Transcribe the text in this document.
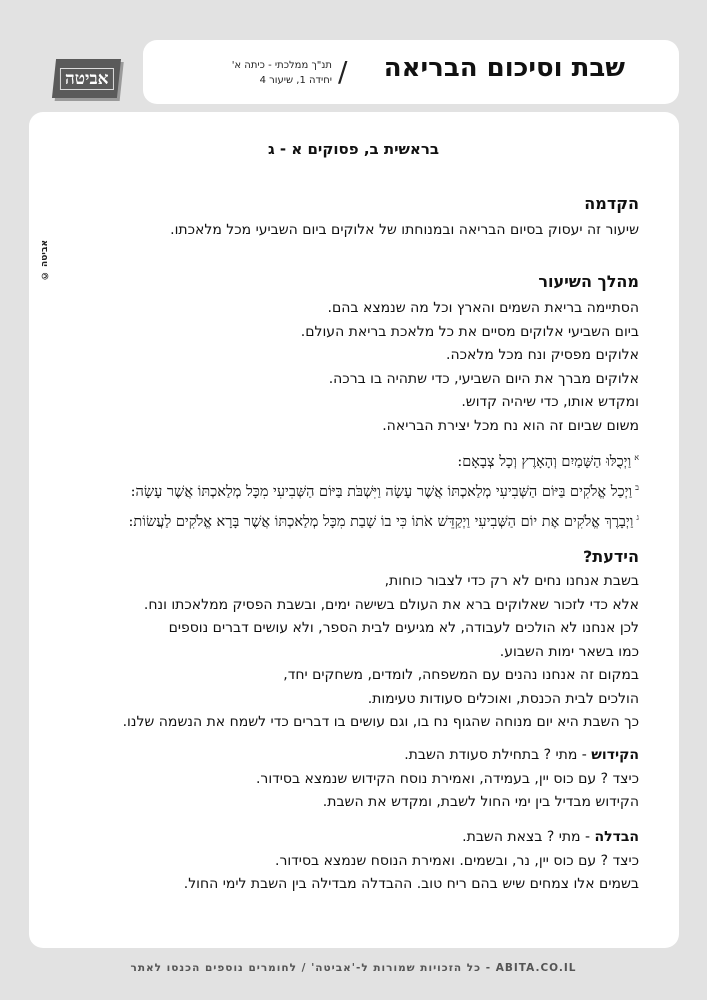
שבת וסיכום הבריאה
/
תנ"ך ממלכתי - כיתה א'
יחידה 1, שיעור 4
אביטה
אביטה ©
בראשית ב, פסוקים א - ג
הקדמה
שיעור זה יעסוק בסיום הבריאה ובמנוחתו של אלוקים ביום השביעי מכל מלאכתו.
מהלך השיעור
הסתיימה בריאת השמים והארץ וכל מה שנמצא בהם.
ביום השביעי אלוקים מסיים את כל מלאכת בריאת העולם.
אלוקים מפסיק ונח מכל מלאכה.
אלוקים מברך את היום השביעי, כדי שתהיה בו ברכה.
ומקדש אותו, כדי שיהיה קדוש.
משום שביום זה הוא נח מכל יצירת הבריאה.
$^א$וַיְכֻלּוּ הַשָּׁמַיִם וְהָאָרֶץ וְכָל צְבָאָם:
$^ב$וַיְכַל אֱלֹקִים בַּיּוֹם הַשְּׁבִיעִי מְלַאכְתּוֹ אֲשֶׁר עָשָׂה וַיִּשְׁבֹּת בַּיּוֹם הַשְּׁבִיעִי מִכָּל מְלַאכְתּוֹ אֲשֶׁר עָשָׂה:
$^ג$וַיְבָרֶךְ אֱלֹקִים אֶת יוֹם הַשְּׁבִיעִי וַיְקַדֵּשׁ אֹתוֹ כִּי בוֹ שָׁבַת מִכָּל מְלַאכְתּוֹ אֲשֶׁר בָּרָא אֱלֹקִים לַעֲשׂוֹת:
הידעת?
בשבת אנחנו נחים לא רק כדי לצבור כוחות,
אלא כדי לזכור שאלוקים ברא את העולם בשישה ימים, ובשבת הפסיק ממלאכתו ונח.
לכן אנחנו לא הולכים לעבודה, לא מגיעים לבית הספר, ולא עושים דברים נוספים
כמו בשאר ימות השבוע.
במקום זה אנחנו נהנים עם המשפחה, לומדים, משחקים יחד,
הולכים לבית הכנסת, ואוכלים סעודות טעימות.
כך השבת היא יום מנוחה שהגוף נח בו, וגם עושים בו דברים כדי לשמח את הנשמה שלנו.
הקידוש - מתי ? בתחילת סעודת השבת.
כיצד ? עם כוס יין, בעמידה, ואמירת נוסח הקידוש שנמצא בסידור.
הקידוש מבדיל בין ימי החול לשבת, ומקדש את השבת.
הבדלה - מתי ? בצאת השבת.
כיצד ? עם כוס יין, נר, ובשמים. ואמירת הנוסח שנמצא בסידור.
בשמים אלו צמחים שיש בהם ריח טוב. ההבדלה מבדילה בין השבת לימי החול.
כל הזכויות שמורות ל-'אביטה' / לחומרים נוספים הכנסו לאתר - ABITA.CO.IL
